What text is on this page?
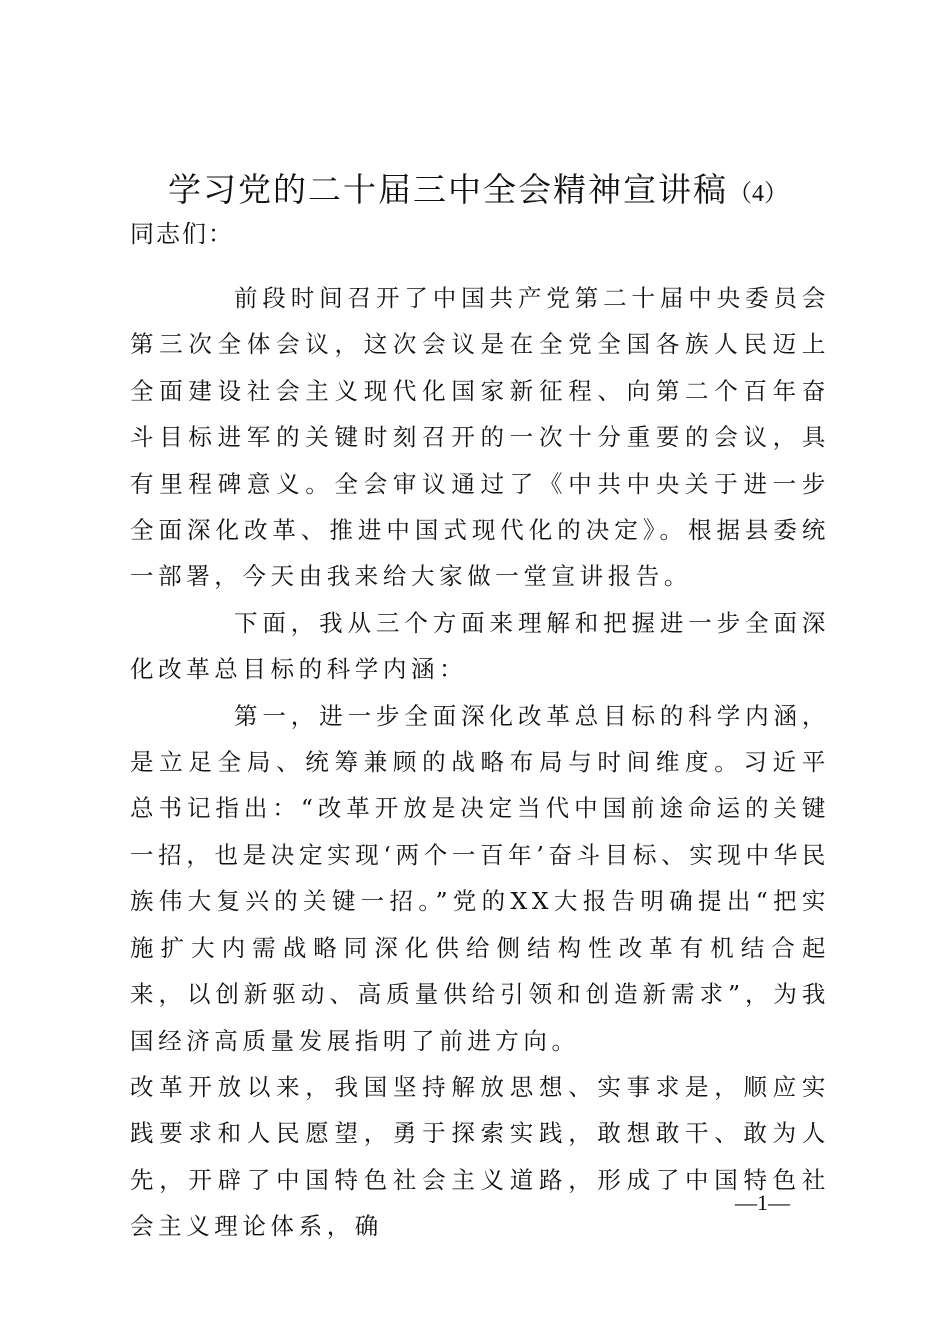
学习党的二十届三中全会精神宣讲稿（4）
同志们：

前段时间召开了中国共产党第二十届中央委员会第三次全体会议，这次会议是在全党全国各族人民迈上全面建设社会主义现代化国家新征程、向第二个百年奋斗目标进军的关键时刻召开的一次十分重要的会议，具有里程碑意义。全会审议通过了《中共中央关于进一步全面深化改革、推进中国式现代化的决定》。根据县委统一部署，今天由我来给大家做一堂宣讲报告。

下面，我从三个方面来理解和把握进一步全面深化改革总目标的科学内涵：

第一，进一步全面深化改革总目标的科学内涵，是立足全局、统筹兼顾的战略布局与时间维度。习近平总书记指出：“改革开放是决定当代中国前途命运的关键一招，也是决定实现‘两个一百年’奋斗目标、实现中华民族伟大复兴的关键一招。”党的XX大报告明确提出“把实施扩大内需战略同深化供给侧结构性改革有机结合起来，以创新驱动、高质量供给引领和创造新需求”，为我国经济高质量发展指明了前进方向。

改革开放以来，我国坚持解放思想、实事求是，顺应实践要求和人民愿望，勇于探索实践，敢想敢干、敢为人先，开辟了中国特色社会主义道路，形成了中国特色社会主义理论体系，确

—1—
